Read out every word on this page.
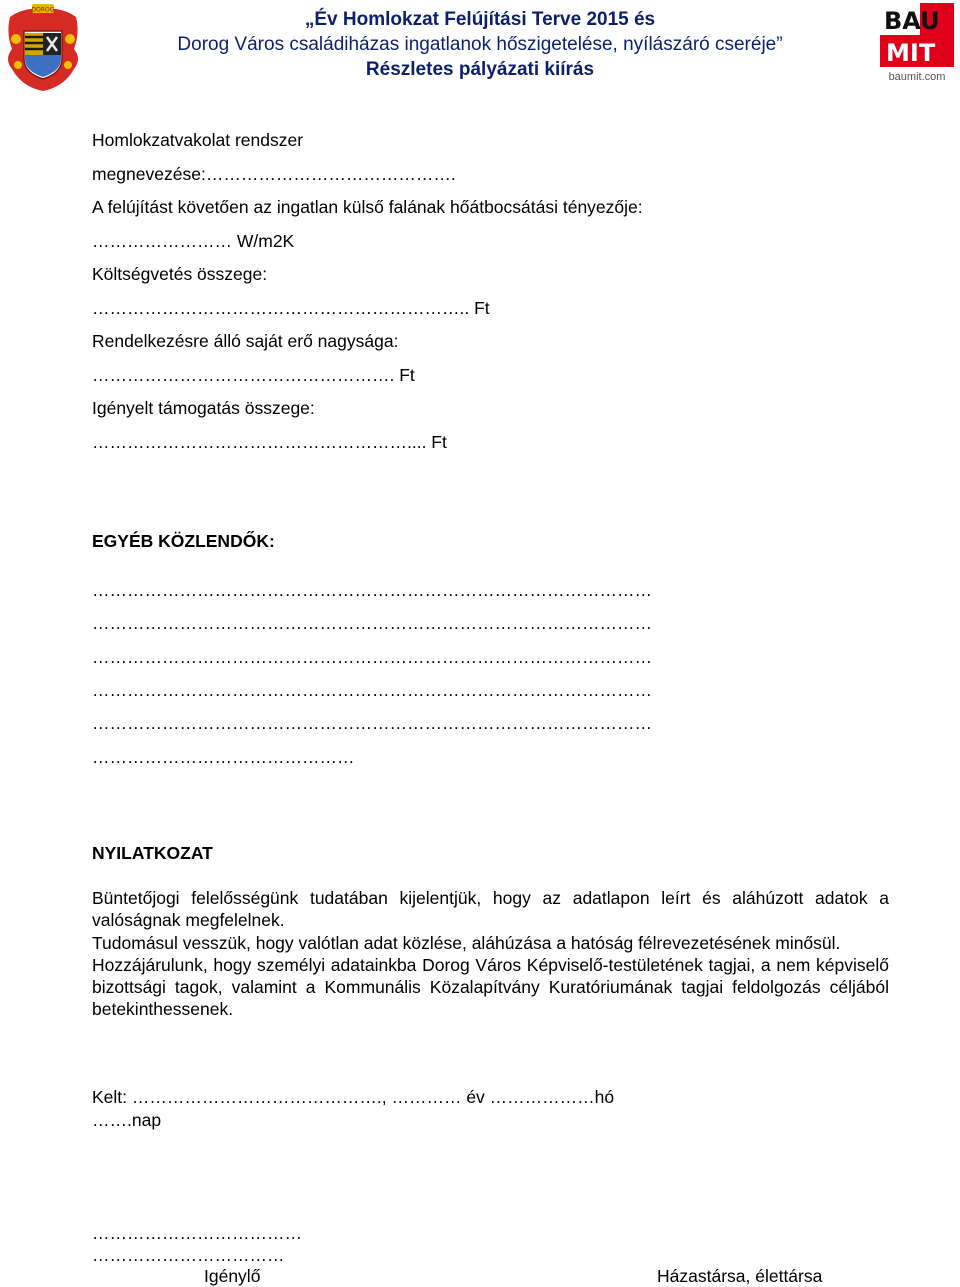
DOROG	„Év Homlokzat Felújítási Terve 2015 és
Dorog Város családiházas ingatlanok hőszigetelése, nyílászáró cseréje”
Részletes pályázati kiírás
BAU
MIT
baumit.com
Homlokzatvakolat rendszer
megnevezése:…………………………………….
A felújítást követően az ingatlan külső falának hőátbocsátási tényezője:
…………………… W/m2K
Költségvetés összege:
……………………………………………………….. Ft
Rendelkezésre álló saját erő nagysága:
……………………………………………. Ft
Igényelt támogatás összege:
……………………………………………….... Ft
EGYÉB KÖZLENDŐK:
……………………………………………………………………………………
……………………………………………………………………………………
……………………………………………………………………………………
……………………………………………………………………………………
……………………………………………………………………………………
………………………………………
NYILATKOZAT

Büntetőjogi felelősségünk tudatában kijelentjük, hogy az adatlapon leírt és aláhúzott adatok a valóságnak megfelelnek.

Tudomásul vesszük, hogy valótlan adat közlése, aláhúzása a hatóság félrevezetésének minősül.

Hozzájárulunk, hogy személyi adatainkba Dorog Város Képviselő-testületének tagjai, a nem képviselő bizottsági tagok, valamint a Kommunális Közalapítvány Kuratóriumának tagjai feldolgozás céljából betekinthessenek.

Kelt: ……………………………………., ………… év ………………hó
…….nap
………………………………
……………………………
Igénylő	Házastársa, élettársa
